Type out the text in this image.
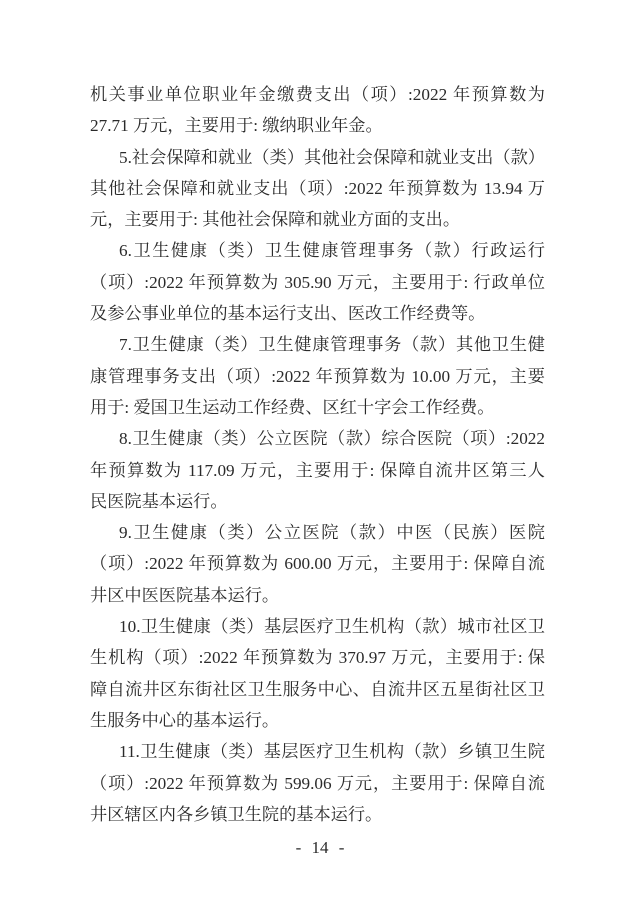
机关事业单位职业年金缴费支出（项）:2022 年预算数为
27.71 万元，主要用于: 缴纳职业年金。
5.社会保障和就业（类）其他社会保障和就业支出（款）
其他社会保障和就业支出（项）:2022 年预算数为 13.94 万
元，主要用于: 其他社会保障和就业方面的支出。
6.卫生健康（类）卫生健康管理事务（款）行政运行
（项）:2022 年预算数为 305.90 万元，主要用于: 行政单位
及参公事业单位的基本运行支出、医改工作经费等。
7.卫生健康（类）卫生健康管理事务（款）其他卫生健
康管理事务支出（项）:2022 年预算数为 10.00 万元，主要
用于: 爱国卫生运动工作经费、区红十字会工作经费。
8.卫生健康（类）公立医院（款）综合医院（项）:2022
年预算数为 117.09 万元，主要用于: 保障自流井区第三人
民医院基本运行。
9.卫生健康（类）公立医院（款）中医（民族）医院
（项）:2022 年预算数为 600.00 万元，主要用于: 保障自流
井区中医医院基本运行。
10.卫生健康（类）基层医疗卫生机构（款）城市社区卫
生机构（项）:2022 年预算数为 370.97 万元，主要用于: 保
障自流井区东街社区卫生服务中心、自流井区五星街社区卫
生服务中心的基本运行。
11.卫生健康（类）基层医疗卫生机构（款）乡镇卫生院
（项）:2022 年预算数为 599.06 万元，主要用于: 保障自流
井区辖区内各乡镇卫生院的基本运行。
- 14 -
